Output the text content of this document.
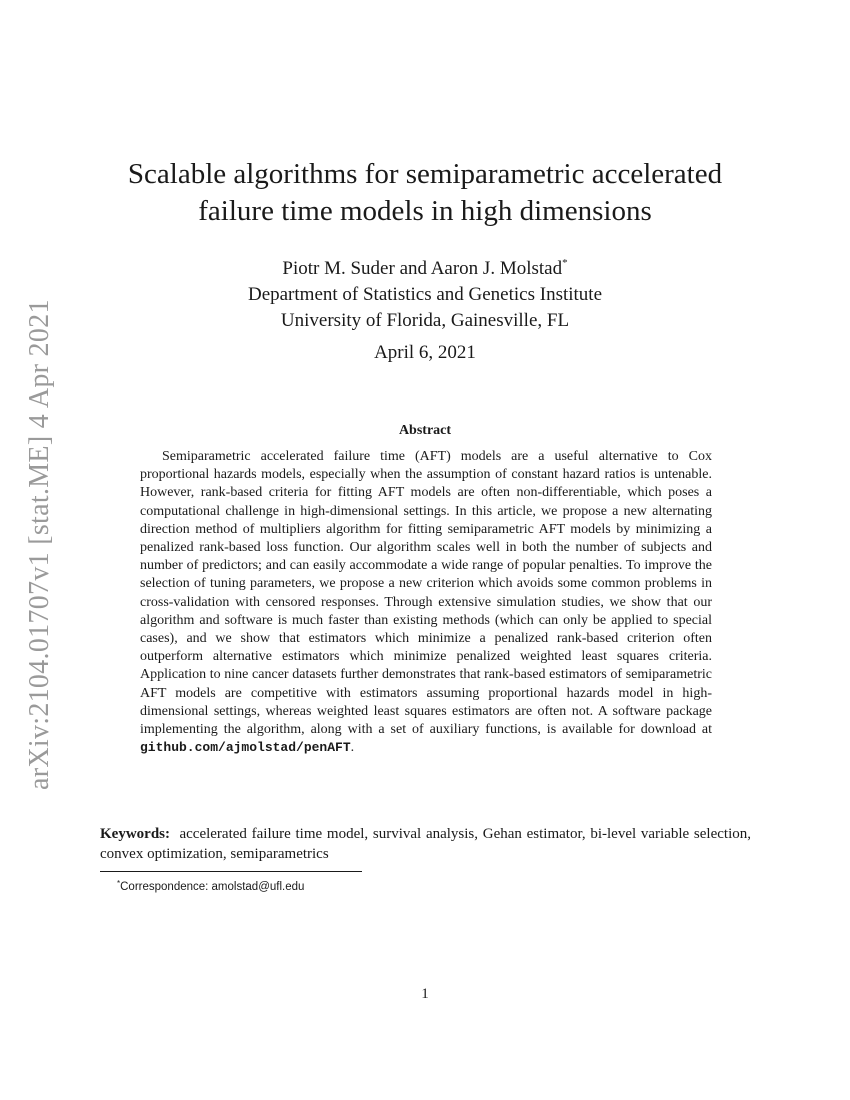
arXiv:2104.01707v1 [stat.ME] 4 Apr 2021
Scalable algorithms for semiparametric accelerated
failure time models in high dimensions
Piotr M. Suder and Aaron J. Molstad*
Department of Statistics and Genetics Institute
University of Florida, Gainesville, FL
April 6, 2021
Abstract

Semiparametric accelerated failure time (AFT) models are a useful alternative to Cox proportional hazards models, especially when the assumption of constant hazard ratios is untenable. However, rank-based criteria for fitting AFT models are often non-differentiable, which poses a computational challenge in high-dimensional settings. In this article, we propose a new alternating direction method of multipliers algorithm for fitting semiparametric AFT models by minimizing a penalized rank-based loss function. Our algorithm scales well in both the number of subjects and number of predictors; and can easily accommodate a wide range of popular penalties. To improve the selection of tuning parameters, we propose a new criterion which avoids some common problems in cross-validation with censored responses. Through extensive simulation studies, we show that our algorithm and software is much faster than existing methods (which can only be applied to special cases), and we show that estimators which minimize a penalized rank-based criterion often outperform alternative estimators which minimize penalized weighted least squares criteria. Application to nine cancer datasets further demonstrates that rank-based estimators of semiparametric AFT models are competitive with estimators assuming proportional hazards model in high-dimensional settings, whereas weighted least squares estimators are often not. A software package implementing the algorithm, along with a set of auxiliary functions, is available for download at github.com/ajmolstad/penAFT.

Keywords: accelerated failure time model, survival analysis, Gehan estimator, bi-level variable selection, convex optimization, semiparametrics

*Correspondence: amolstad@ufl.edu
1
